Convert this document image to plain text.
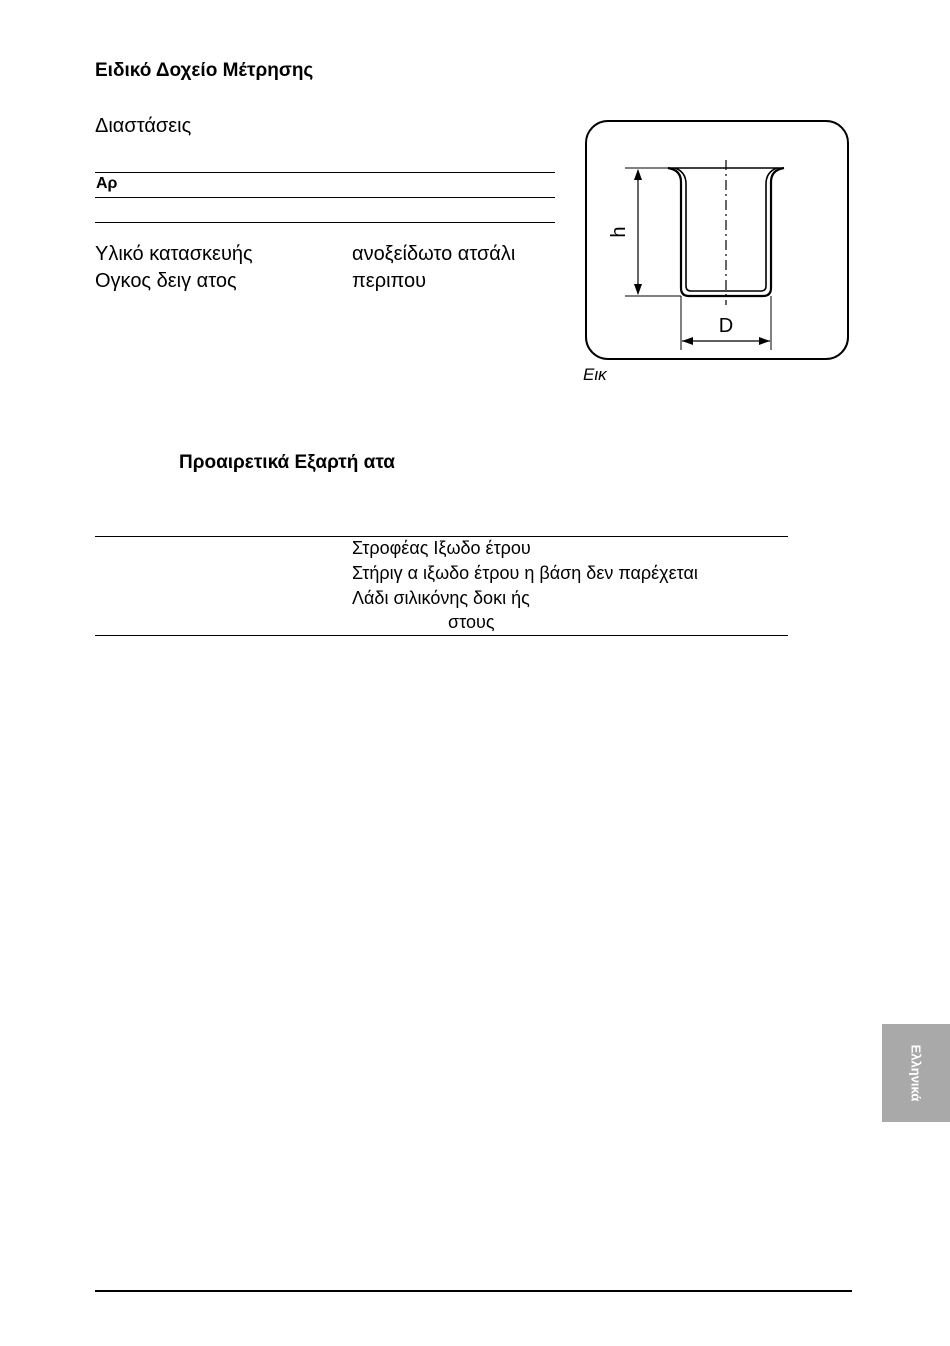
Ειδικό Δοχείο Μέτρησης
Διαστάσεις
Αρ
Υλικό κατασκευής	ανοξείδωτο ατσάλι
Ογκος δειγ ατος	περιπου
h
D
Εικ
Προαιρετικά Εξαρτή ατα
Στροφέας Ιξωδο έτρου
Στήριγ α ιξωδο έτρου η βάση δεν παρέχεται
Λάδι σιλικόνης δοκι ής
στους
Ελληνικά
